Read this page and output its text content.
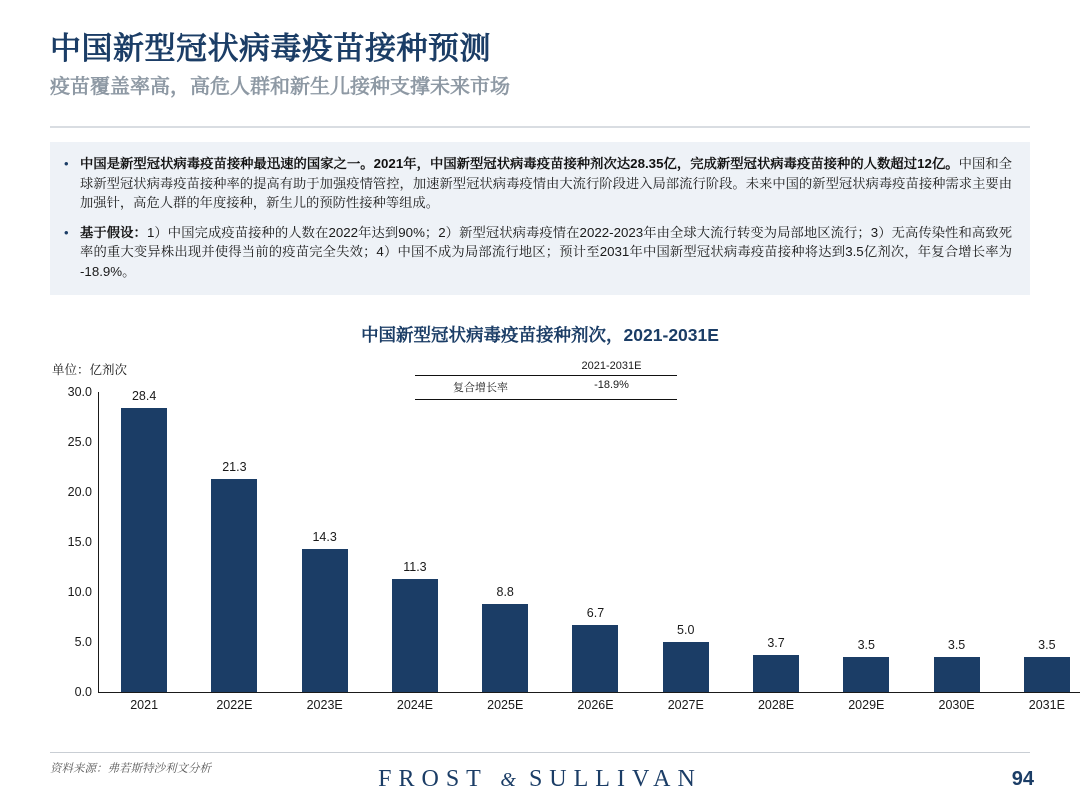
中国新型冠状病毒疫苗接种预测
疫苗覆盖率高，高危人群和新生儿接种支撑未来市场
• 中国是新型冠状病毒疫苗接种最迅速的国家之一。2021年，中国新型冠状病毒疫苗接种剂次达28.35亿，完成新型冠状病毒疫苗接种的人数超过12亿。中国和全球新型冠状病毒疫苗接种率的提高有助于加强疫情管控，加速新型冠状病毒疫情由大流行阶段进入局部流行阶段。未来中国的新型冠状病毒疫苗接种需求主要由加强针，高危人群的年度接种，新生儿的预防性接种等组成。
• 基于假设：1）中国完成疫苗接种的人数在2022年达到90%；2）新型冠状病毒疫情在2022-2023年由全球大流行转变为局部地区流行；3）无高传染性和高致死率的重大变异株出现并使得当前的疫苗完全失效；4）中国不成为局部流行地区；预计至2031年中国新型冠状病毒疫苗接种将达到3.5亿剂次，年复合增长率为 -18.9%。
中国新型冠状病毒疫苗接种剂次，2021-2031E
单位：亿剂次	2021-2031E
复合增长率	-18.9%
0.0
5.0
10.0
15.0
20.0
25.0
30.0	28.4
21.3
14.3
11.3
8.8
6.7
5.0
3.7	3.5	3.5	3.5
2021	2022E	2023E	2024E	2025E	2026E	2027E	2028E	2029E	2030E	2031E
资料来源：弗若斯特沙利文分析	FROST & SULLIVAN	94
